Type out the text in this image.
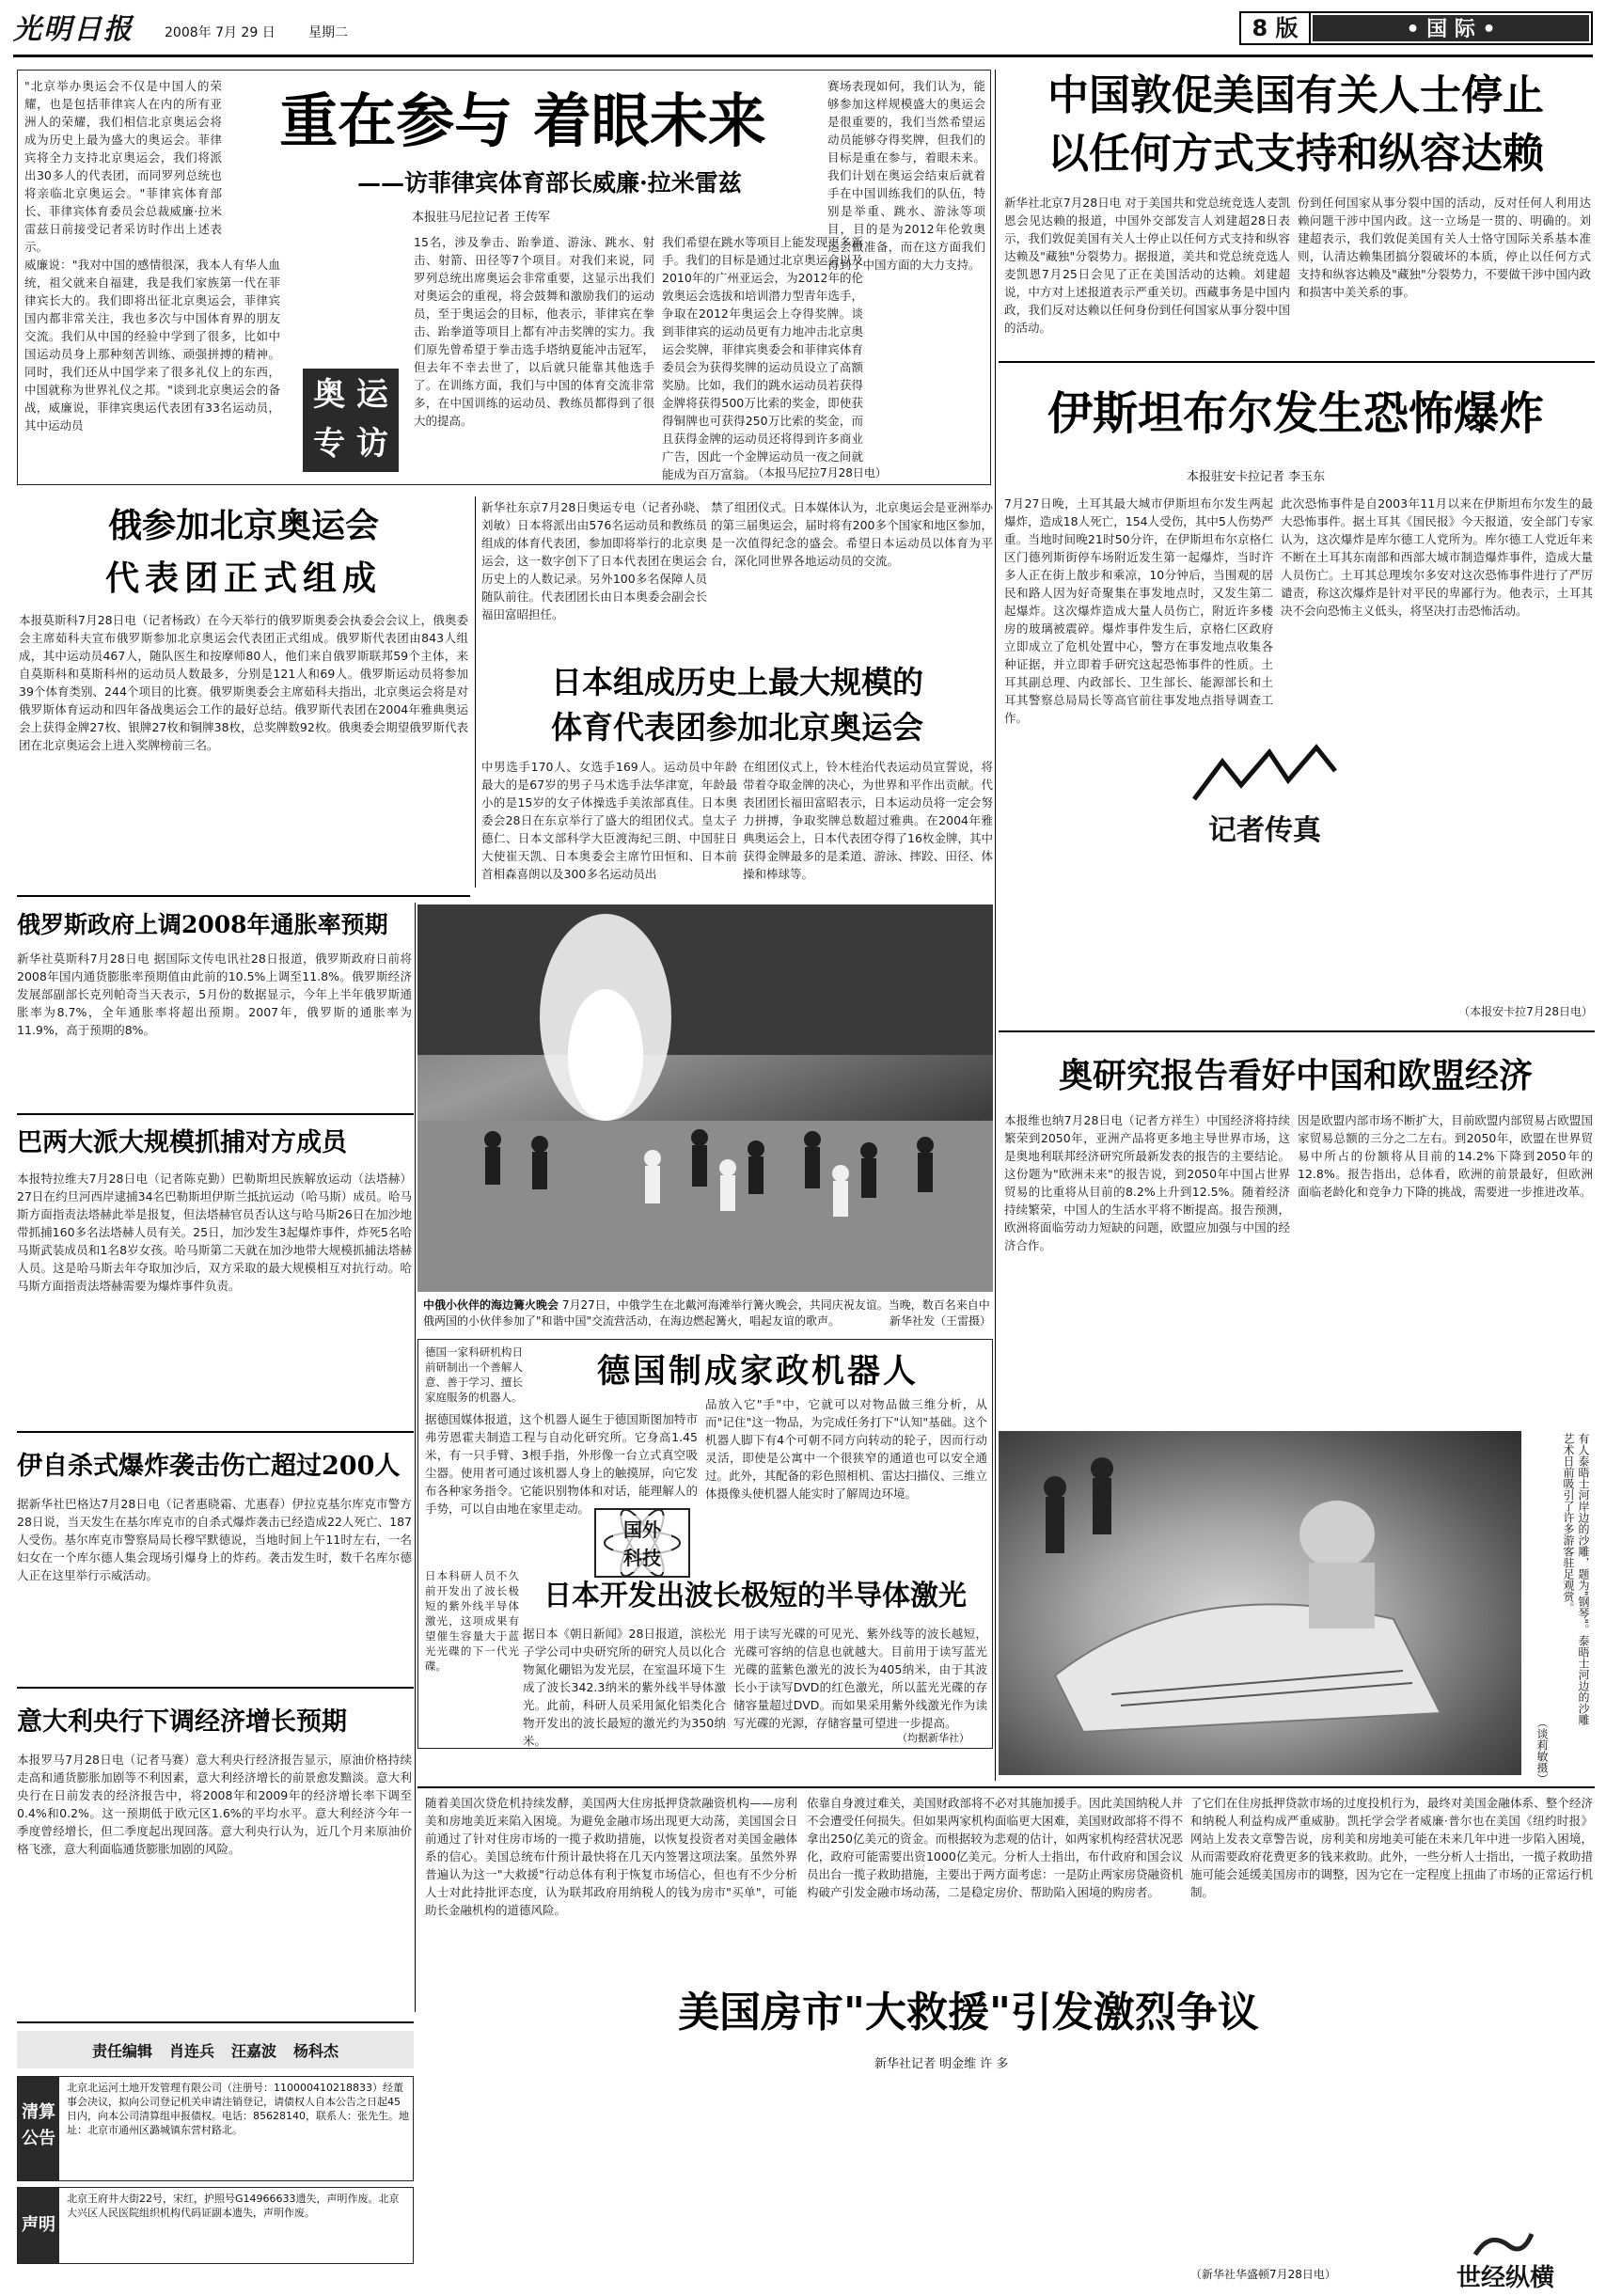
光明日报	2008年 7月 29 日	星期二	8 版	• 国 际 •
"北京举办奥运会不仅是中国人的荣耀，也是包括菲律宾人在内的所有亚洲人的荣耀，我们相信北京奥运会将成为历史上最为盛大的奥运会。菲律宾将全力支持北京奥运会，我们将派出30多人的代表团，而同罗列总统也将亲临北京奥运会。"菲律宾体育部长、菲律宾体育委员会总裁威廉·拉米雷兹日前接受记者采访时作出上述表示。
重在参与 着眼未来
——访菲律宾体育部长威廉·拉米雷兹
本报驻马尼拉记者 王传军
威廉说："我对中国的感情很深，我本人有华人血统，祖父就来自福建，我是我们家族第一代在菲律宾长大的。我们即将出征北京奥运会，菲律宾国内都非常关注，我也多次与中国体育界的朋友交流。我们从中国的经验中学到了很多，比如中国运动员身上那种刻苦训练、顽强拼搏的精神。同时，我们还从中国学来了很多礼仪上的东西，中国就称为世界礼仪之邦。"谈到北京奥运会的备战，威廉说，菲律宾奥运代表团有33名运动员，其中运动员
奥 运
专 访
15名，涉及拳击、跆拳道、游泳、跳水、射击、射箭、田径等7个项目。对我们来说，同罗列总统出席奥运会非常重要，这显示出我们对奥运会的重视，将会鼓舞和激励我们的运动员，至于奥运会的目标，他表示，菲律宾在拳击、跆拳道等项目上都有冲击奖牌的实力。我们原先曾希望于拳击选手塔纳夏能冲击冠军，但去年不幸去世了，以后就只能靠其他选手了。在训练方面，我们与中国的体育交流非常多，在中国训练的运动员、教练员都得到了很大的提高。
我们希望在跳水等项目上能发现更多新手。我们的目标是通过北京奥运会以及2010年的广州亚运会，为2012年的伦敦奥运会选拔和培训潜力型青年选手，争取在2012年奥运会上夺得奖牌。谈到菲律宾的运动员更有力地冲击北京奥运会奖牌，菲律宾奥委会和菲律宾体育委员会为获得奖牌的运动员设立了高额奖励。比如，我们的跳水运动员若获得金牌将获得500万比索的奖金，即使获得铜牌也可获得250万比索的奖金，而且获得金牌的运动员还将得到许多商业广告，因此一个金牌运动员一夜之间就能成为百万富翁。
赛场表现如何，我们认为，能够参加这样规模盛大的奥运会是很重要的，我们当然希望运动员能够夺得奖牌，但我们的目标是重在参与，着眼未来。我们计划在奥运会结束后就着手在中国训练我们的队伍，特别是举重、跳水、游泳等项目，目的是为2012年伦敦奥运会做准备，而在这方面我们得到了中国方面的大力支持。
（本报马尼拉7月28日电）
俄参加北京奥运会
代表团正式组成
本报莫斯科7月28日电（记者杨政）在今天举行的俄罗斯奥委会执委会会议上，俄奥委会主席茹科夫宣布俄罗斯参加北京奥运会代表团正式组成。俄罗斯代表团由843人组成，其中运动员467人，随队医生和按摩师80人，他们来自俄罗斯联邦59个主体，来自莫斯科和莫斯科州的运动员人数最多，分别是121人和69人。俄罗斯运动员将参加39个体育类别、244个项目的比赛。俄罗斯奥委会主席茹科夫指出，北京奥运会将是对俄罗斯体育运动和四年备战奥运会工作的最好总结。俄罗斯代表团在2004年雅典奥运会上获得金牌27枚、银牌27枚和铜牌38枚，总奖牌数92枚。俄奥委会期望俄罗斯代表团在北京奥运会上进入奖牌榜前三名。
新华社东京7月28日奥运专电（记者孙晓、刘敏）日本将派出由576名运动员和教练员组成的体育代表团，参加即将举行的北京奥运会，这一数字创下了日本代表团在奥运会历史上的人数记录。另外100多名保障人员随队前往。代表团团长由日本奥委会副会长福田富昭担任。
禁了组团仪式。日本媒体认为，北京奥运会是亚洲举办的第三届奥运会，届时将有200多个国家和地区参加，是一次值得纪念的盛会。希望日本运动员以体育为平台，深化同世界各地运动员的交流。
日本组成历史上最大规模的
体育代表团参加北京奥运会
中男选手170人、女选手169人。运动员中年龄最大的是67岁的男子马术选手法华津宽，年龄最小的是15岁的女子体操选手美浓部真佳。日本奥委会28日在东京举行了盛大的组团仪式。皇太子德仁、日本文部科学大臣渡海纪三朗、中国驻日大使崔天凯、日本奥委会主席竹田恒和、日本前首相森喜朗以及300多名运动员出
在组团仪式上，铃木桂治代表运动员宣誓说，将带着夺取金牌的决心，为世界和平作出贡献。代表团团长福田富昭表示，日本运动员将一定会努力拼搏，争取奖牌总数超过雅典。在2004年雅典奥运会上，日本代表团夺得了16枚金牌，其中获得金牌最多的是柔道、游泳、摔跤、田径、体操和棒球等。
俄罗斯政府上调2008年通胀率预期
新华社莫斯科7月28日电 据国际文传电讯社28日报道，俄罗斯政府日前将2008年国内通货膨胀率预期值由此前的10.5%上调至11.8%。俄罗斯经济发展部副部长克列帕奇当天表示，5月份的数据显示，今年上半年俄罗斯通胀率为8.7%，全年通胀率将超出预期。2007年，俄罗斯的通胀率为11.9%，高于预期的8%。
巴两大派大规模抓捕对方成员
本报特拉维夫7月28日电（记者陈克勤）巴勒斯坦民族解放运动（法塔赫）27日在约旦河西岸逮捕34名巴勒斯坦伊斯兰抵抗运动（哈马斯）成员。哈马斯方面指责法塔赫此举是报复，但法塔赫官员否认这与哈马斯26日在加沙地带抓捕160多名法塔赫人员有关。25日，加沙发生3起爆炸事件，炸死5名哈马斯武装成员和1名8岁女孩。哈马斯第二天就在加沙地带大规模抓捕法塔赫人员。这是哈马斯去年夺取加沙后，双方采取的最大规模相互对抗行动。哈马斯方面指责法塔赫需要为爆炸事件负责。
伊自杀式爆炸袭击伤亡超过200人
据新华社巴格达7月28日电（记者惠晓霜、尤惠春）伊拉克基尔库克市警方28日说，当天发生在基尔库克市的自杀式爆炸袭击已经造成22人死亡、187人受伤。基尔库克市警察局局长穆罕默德说，当地时间上午11时左右，一名妇女在一个库尔德人集会现场引爆身上的炸药。袭击发生时，数千名库尔德人正在这里举行示威活动。
意大利央行下调经济增长预期
本报罗马7月28日电（记者马赛）意大利央行经济报告显示，原油价格持续走高和通货膨胀加剧等不利因素，意大利经济增长的前景愈发黯淡。意大利央行在日前发表的经济报告中，将2008年和2009年的经济增长率下调至0.4%和0.2%。这一预期低于欧元区1.6%的平均水平。意大利经济今年一季度曾经增长，但二季度起出现回落。意大利央行认为，近几个月来原油价格飞涨，意大利面临通货膨胀加剧的风险。
中俄小伙伴的海边篝火晚会 7月27日，中俄学生在北戴河海滩举行篝火晚会，共同庆祝友谊。当晚，数百名来自中俄两国的小伙伴参加了"和谐中国"交流营活动，在海边燃起篝火，唱起友谊的歌声。	新华社发（王雷摄）
德国一家科研机构日前研制出一个善解人意、善于学习、擅长家庭服务的机器人。
德国制成家政机器人
据德国媒体报道，这个机器人诞生于德国斯图加特市弗劳恩霍夫制造工程与自动化研究所。它身高1.45米，有一只手臂、3根手指，外形像一台立式真空吸尘器。使用者可通过该机器人身上的触摸屏，向它发布各种家务指令。它能识别物体和对话，能理解人的手势，可以自由地在家里走动。
品放入它"手"中，它就可以对物品做三维分析，从而"记住"这一物品，为完成任务打下"认知"基础。这个机器人脚下有4个可朝不同方向转动的轮子，因而行动灵活，即使是公寓中一个很狭窄的通道也可以安全通过。此外，其配备的彩色照相机、雷达扫描仪、三维立体摄像头使机器人能实时了解周边环境。
国外
科技
日本科研人员不久前开发出了波长极短的紫外线半导体激光，这项成果有望催生容量大于蓝光光碟的下一代光碟。
日本开发出波长极短的半导体激光
据日本《朝日新闻》28日报道，滨松光子学公司中央研究所的研究人员以化合物氮化硼铝为发光层，在室温环境下生成了波长342.3纳米的紫外线半导体激光。此前，科研人员采用氮化铝类化合物开发出的波长最短的激光约为350纳米。
用于读写光碟的可见光、紫外线等的波长越短，光碟可容纳的信息也就越大。目前用于读写蓝光光碟的蓝紫色激光的波长为405纳米，由于其波长小于读写DVD的红色激光，所以蓝光光碟的存储容量超过DVD。而如果采用紫外线激光作为读写光碟的光源，存储容量可望进一步提高。
（均据新华社）
中国敦促美国有关人士停止
以任何方式支持和纵容达赖
新华社北京7月28日电 对于美国共和党总统竞选人麦凯恩会见达赖的报道，中国外交部发言人刘建超28日表示，我们敦促美国有关人士停止以任何方式支持和纵容达赖及"藏独"分裂势力。据报道，美共和党总统竞选人麦凯恩7月25日会见了正在美国活动的达赖。刘建超说，中方对上述报道表示严重关切。西藏事务是中国内政，我们反对达赖以任何身份到任何国家从事分裂中国的活动。
份到任何国家从事分裂中国的活动，反对任何人利用达赖问题干涉中国内政。这一立场是一贯的、明确的。刘建超表示，我们敦促美国有关人士恪守国际关系基本准则，认清达赖集团搞分裂破坏的本质，停止以任何方式支持和纵容达赖及"藏独"分裂势力，不要做干涉中国内政和损害中美关系的事。
伊斯坦布尔发生恐怖爆炸
本报驻安卡拉记者 李玉东
7月27日晚，土耳其最大城市伊斯坦布尔发生两起爆炸，造成18人死亡，154人受伤，其中5人伤势严重。当地时间晚21时50分许，在伊斯坦布尔京格仁区门德列斯街停车场附近发生第一起爆炸，当时许多人正在街上散步和乘凉，10分钟后，当围观的居民和路人因为好奇聚集在事发地点时，又发生第二起爆炸。这次爆炸造成大量人员伤亡，附近许多楼房的玻璃被震碎。爆炸事件发生后，京格仁区政府立即成立了危机处置中心，警方在事发地点收集各种证据，并立即着手研究这起恐怖事件的性质。土耳其副总理、内政部长、卫生部长、能源部长和土耳其警察总局局长等高官前往事发地点指导调查工作。
此次恐怖事件是自2003年11月以来在伊斯坦布尔发生的最大恐怖事件。据土耳其《国民报》今天报道，安全部门专家认为，这次爆炸是库尔德工人党所为。库尔德工人党近年来不断在土耳其东南部和西部大城市制造爆炸事件，造成大量人员伤亡。土耳其总理埃尔多安对这次恐怖事件进行了严厉谴责，称这次爆炸是针对平民的卑鄙行为。他表示，土耳其决不会向恐怖主义低头，将坚决打击恐怖活动。
记者传真
（本报安卡拉7月28日电）
奥研究报告看好中国和欧盟经济
本报维也纳7月28日电（记者方祥生）中国经济将持续繁荣到2050年，亚洲产品将更多地主导世界市场，这是奥地利联邦经济研究所最新发表的报告的主要结论。这份题为"欧洲未来"的报告说，到2050年中国占世界贸易的比重将从目前的8.2%上升到12.5%。随着经济持续繁荣，中国人的生活水平将不断提高。报告预测，欧洲将面临劳动力短缺的问题，欧盟应加强与中国的经济合作。
因是欧盟内部市场不断扩大，目前欧盟内部贸易占欧盟国家贸易总额的三分之二左右。到2050年，欧盟在世界贸易中所占的份额将从目前的14.2%下降到2050年的12.8%。报告指出，总体看，欧洲的前景最好，但欧洲面临老龄化和竞争力下降的挑战，需要进一步推进改革。
有人泰晤士河岸边的沙雕，题为"钢琴"。泰晤士河边的沙雕艺术日前吸引了许多游客驻足观赏。
（谈莉敏摄）
随着美国次贷危机持续发酵，美国两大住房抵押贷款融资机构——房利美和房地美近来陷入困境。为避免金融市场出现更大动荡，美国国会日前通过了针对住房市场的一揽子救助措施，以恢复投资者对美国金融体系的信心。美国总统布什预计最快将在几天内签署这项法案。虽然外界普遍认为这一"大救援"行动总体有利于恢复市场信心，但也有不少分析人士对此持批评态度，认为联邦政府用纳税人的钱为房市"买单"，可能助长金融机构的道德风险。
依靠自身渡过难关，美国财政部将不必对其施加援手。因此美国纳税人并不会遭受任何损失。但如果两家机构面临更大困难，美国财政部将不得不拿出250亿美元的资金。而根据较为悲观的估计，如两家机构经营状况恶化，政府可能需要出资1000亿美元。分析人士指出，布什政府和国会议员出台一揽子救助措施，主要出于两方面考虑：一是防止两家房贷融资机构破产引发金融市场动荡，二是稳定房价、帮助陷入困境的购房者。
了它们在住房抵押贷款市场的过度投机行为，最终对美国金融体系、整个经济和纳税人利益构成严重威胁。凯托学会学者威廉·普尔也在美国《纽约时报》网站上发表文章警告说，房利美和房地美可能在未来几年中进一步陷入困境，从而需要政府花费更多的钱来救助。此外，一些分析人士指出，一揽子救助措施可能会延缓美国房市的调整，因为它在一定程度上扭曲了市场的正常运行机制。
美国房市"大救援"引发激烈争议
新华社记者 明金维 许 多
世经纵横
（新华社华盛顿7月28日电）
责任编辑 肖连兵 汪嘉波 杨科杰
清算
公告
北京北运河土地开发管理有限公司（注册号：110000410218833）经董事会决议，拟向公司登记机关申请注销登记，请债权人自本公告之日起45日内，向本公司清算组申报债权。电话：85628140，联系人：张先生。地址：北京市通州区潞城镇东营村路北。
声明
北京王府井大街22号，宋红，护照号G14966633遗失，声明作废。北京大兴区人民医院组织机构代码证副本遗失，声明作废。
